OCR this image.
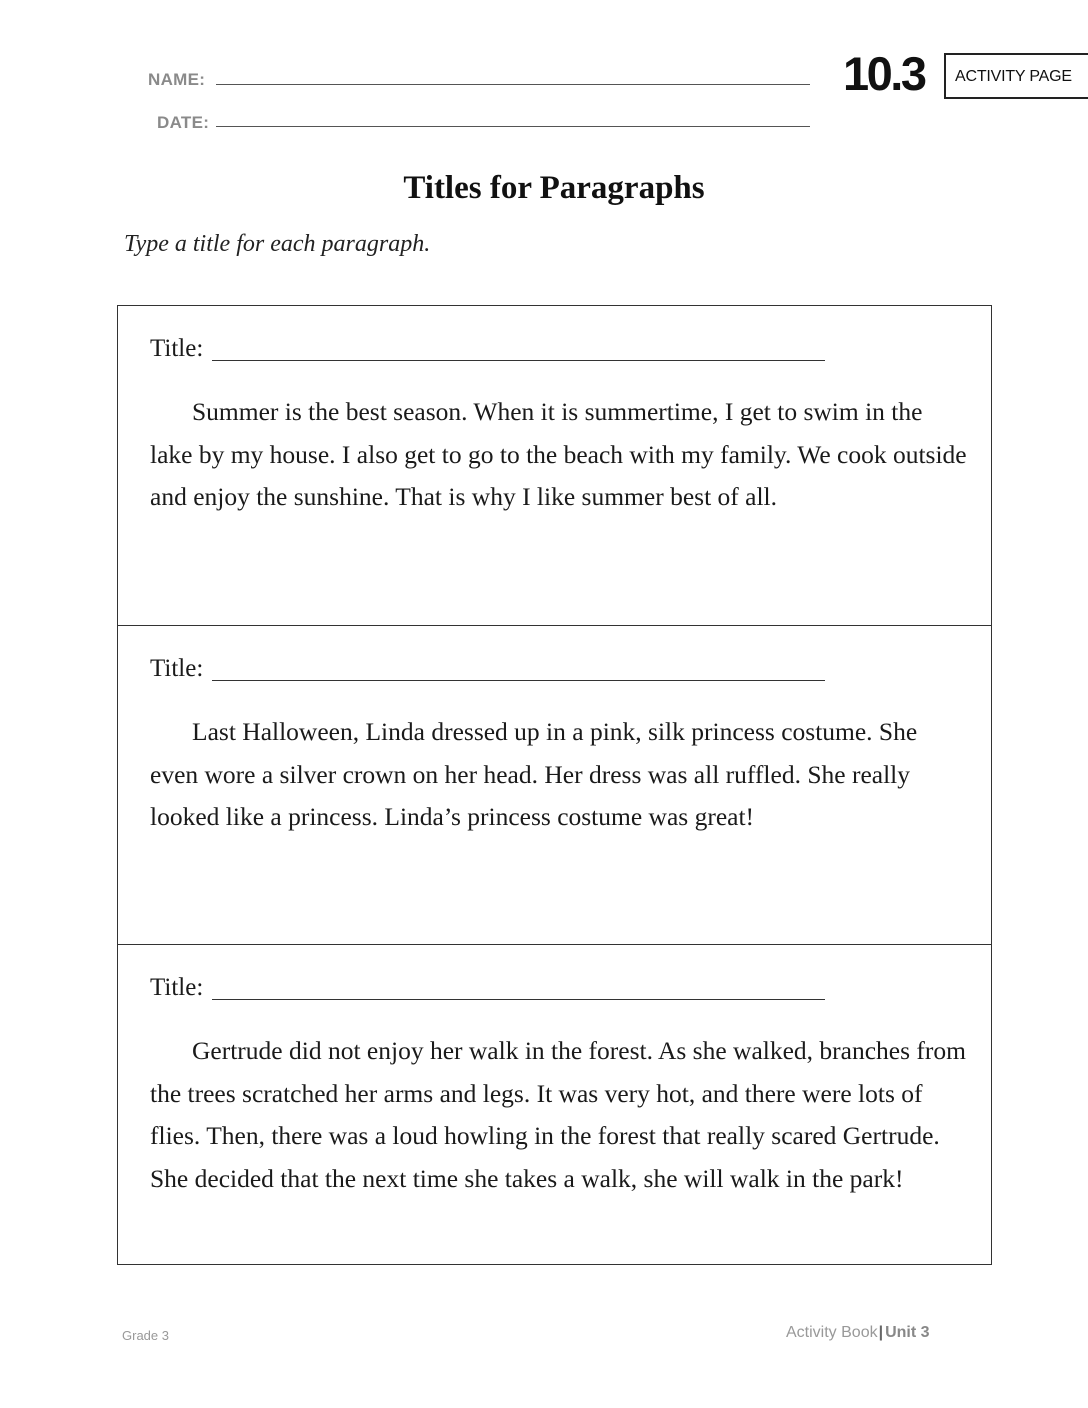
NAME:
DATE:
10.3 ACTIVITY PAGE
Titles for Paragraphs
Type a title for each paragraph.
Title:

Summer is the best season. When it is summertime, I get to swim in the lake by my house. I also get to go to the beach with my family. We cook outside and enjoy the sunshine. That is why I like summer best of all.

Title:

Last Halloween, Linda dressed up in a pink, silk princess costume. She even wore a silver crown on her head. Her dress was all ruffled. She really looked like a princess. Linda’s princess costume was great!

Title:

Gertrude did not enjoy her walk in the forest. As she walked, branches from the trees scratched her arms and legs. It was very hot, and there were lots of flies. Then, there was a loud howling in the forest that really scared Gertrude. She decided that the next time she takes a walk, she will walk in the park!

Grade 3	Activity Book| Unit 3
